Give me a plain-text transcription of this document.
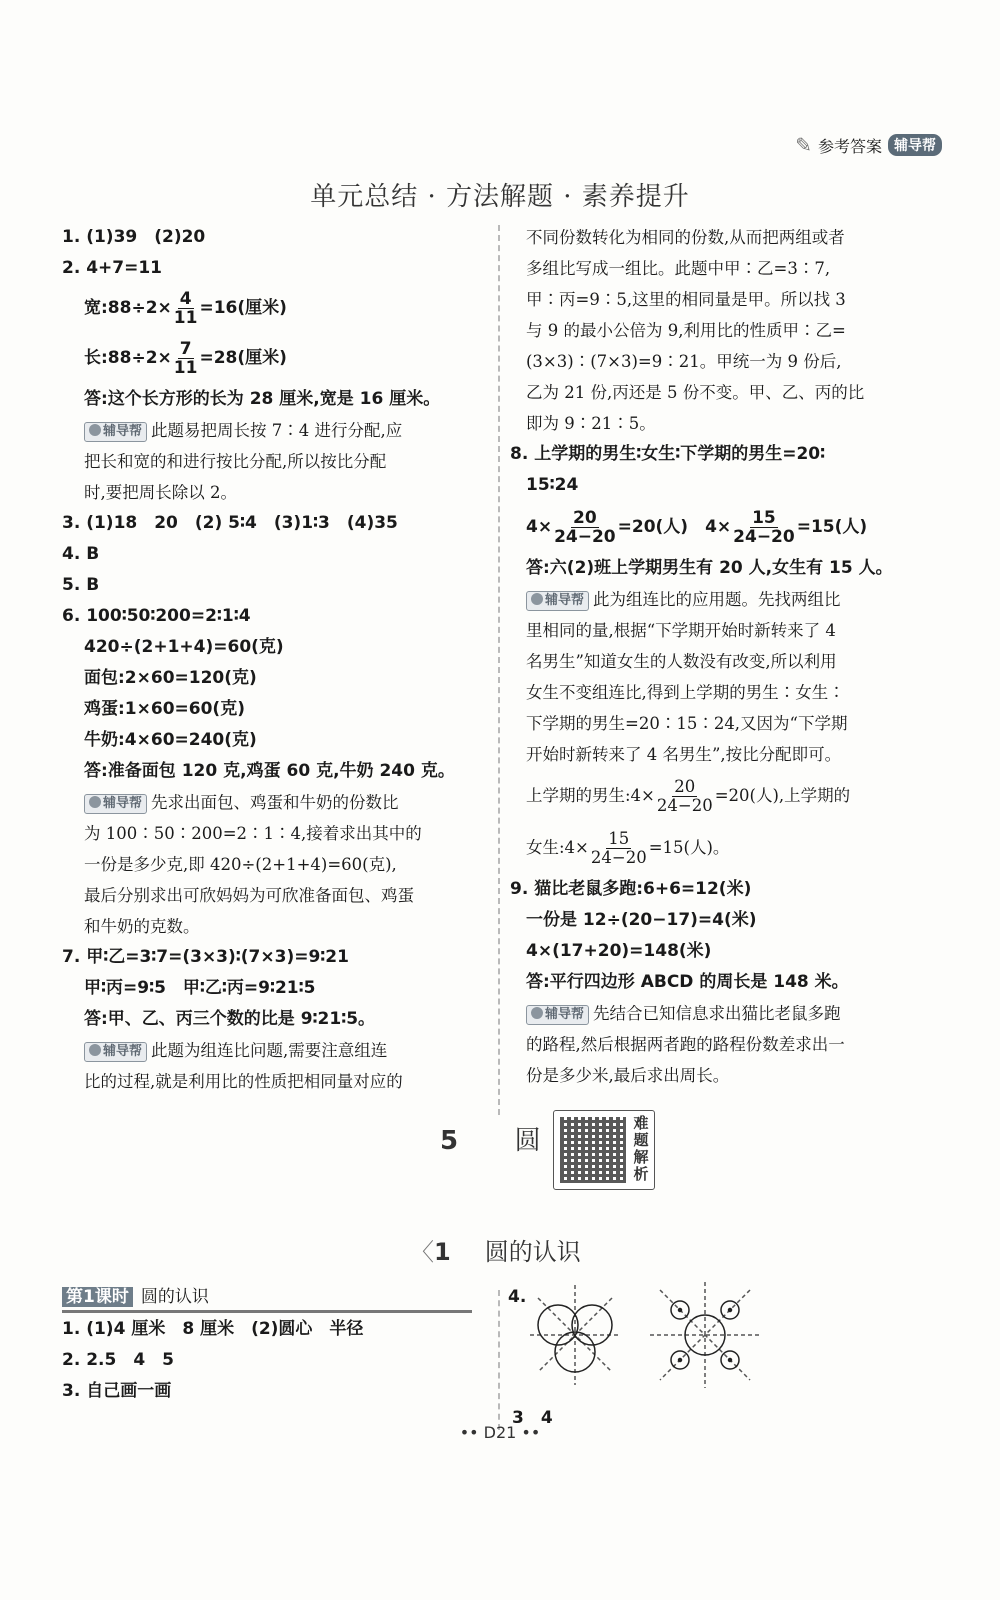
✎ 参考答案 辅导帮
单元总结 · 方法解题 · 素养提升
1. (1)39　(2)20
2. 4+7=11
宽:88÷2× $\frac{4}{11} =16$(厘米)
长:88÷2× $\frac{7}{11} =28$(厘米)
答:这个长方形的长为 28 厘米,宽是 16 厘米。
辅导帮 此题易把周长按 7∶4 进行分配,应
把长和宽的和进行按比分配,所以按比分配
时,要把周长除以 2。
3. (1)18　20　(2) 5∶4　(3)1∶3　(4)35
4. B
5. B
6. 100∶50∶200=2∶1∶4
420÷(2+1+4)=60(克)
面包:2×60=120(克)
鸡蛋:1×60=60(克)
牛奶:4×60=240(克)
答:准备面包 120 克,鸡蛋 60 克,牛奶 240 克。
辅导帮 先求出面包、鸡蛋和牛奶的份数比
为 100∶50∶200=2∶1∶4,接着求出其中的
一份是多少克,即 420÷(2+1+4)=60(克),
最后分别求出可欣妈妈为可欣准备面包、鸡蛋
和牛奶的克数。
7. 甲∶乙=3∶7=(3×3)∶(7×3)=9∶21
甲∶丙=9∶5　甲∶乙∶丙=9∶21∶5
答:甲、乙、丙三个数的比是 9∶21∶5。
辅导帮 此题为组连比问题,需要注意组连
比的过程,就是利用比的性质把相同量对应的
不同份数转化为相同的份数,从而把两组或者
多组比写成一组比。此题中甲∶乙=3∶7,
甲∶丙=9∶5,这里的相同量是甲。所以找 3
与 9 的最小公倍为 9,利用比的性质甲∶乙=
(3×3)∶(7×3)=9∶21。甲统一为 9 份后,
乙为 21 份,丙还是 5 份不变。甲、乙、丙的比
即为 9∶21∶5。
8. 上学期的男生∶女生∶下学期的男生=20∶
15∶24
$4\times \frac{20}{24-20} =20$(人)　$4\times \frac{15}{24-20} =15$(人)
答:六(2)班上学期男生有 20 人,女生有 15 人。
辅导帮 此为组连比的应用题。先找两组比
里相同的量,根据“下学期开始时新转来了 4
名男生”知道女生的人数没有改变,所以利用
女生不变组连比,得到上学期的男生∶女生∶
下学期的男生=20∶15∶24,又因为“下学期
开始时新转来了 4 名男生”,按比分配即可。
上学期的男生:4× $\frac{20}{24-20} =20$(人),上学期的
女生:4× $\frac{15}{24-20} =15$(人)。
9. 猫比老鼠多跑:6+6=12(米)
一份是 12÷(20−17)=4(米)
4×(17+20)=148(米)
答:平行四边形 ABCD 的周长是 148 米。
辅导帮 先结合已知信息求出猫比老鼠多跑
的路程,然后根据两者跑的路程份数差求出一
份是多少米,最后求出周长。
5 圆
难题解析
〈1 圆的认识
第1课时 圆的认识
1. (1)4 厘米　8 厘米　(2)圆心　半径
2. 2.5　4　5
3. 自己画一画
4.
3　4
•• D21 ••
